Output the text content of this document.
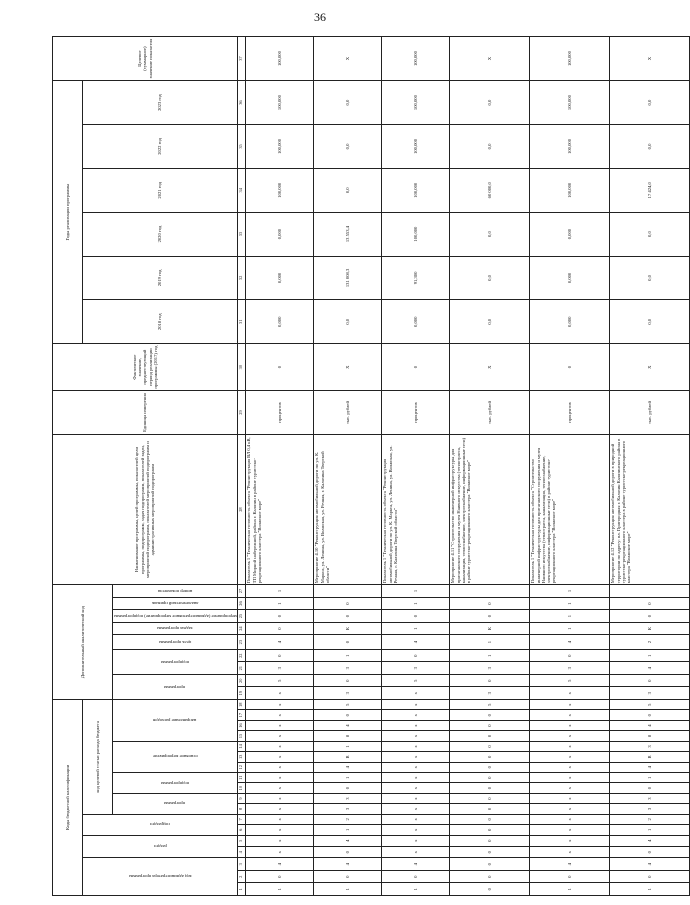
36
Коды бюджетной классификации																		Дополнительный аналитический код									Наименование программы, целей программы, показателей цели программы, подпрограмм, задач подпрограмм, показателей задач, мероприятий подпрограмм, показателей мероприятий подпрограмм и административных мероприятий подпрограмм	Единица измерения	Фактическое значение, предшествующий период реализации программы (2017) год	Годы реализации программы						Целевое (суммарное) значение показателя

код администратора программы			раздел		подраздел		код целевой статьи расхода бюджета																							2018 год	2019 год	2020 год	2021 год	2022 год	2023 год	

							программа		подпрограмма		основное мероприятие			направление расходов				программа		подпрограмма		цель программы	задача программы	мероприятие (административное мероприятие) подпрограммы	аналитический признак	номер показателя										

1	2	3	4	5	6	7	8	9	10	11	12	13	14	15	16	17	18	19	20	21	22	23	24	25	26	27	28	29	30	31	32	33	34	35	36	37
1	0	4	х	х	х	х	х	х	х	х	х	х	х	х	х	х	х	х	5	3	0	4	0	0	1	1	Показатель 1 "Техническая готовность объекта "Реконструкция ВЛ 0,4 кВ, ТП Мирной набережной, района г. Калязин в районе туристско-рекреационного кластера "Волжское море"	процентов	0	0,000	0,000	0,000	100,000	100,000	100,000	100,000
1	0	4	0	4	1	2	3	3	0	1	4	R	1	8	4	0	5	3	0	3	1	0	К	0	0		Мероприятие 4.10 "Реконструкция автомобильной дороги по ул. К. Маркса, ул. Ленина, ул. Волжская, ул. Речная, г. Калязина Тверской области"	тыс. рублей	Х	0,0	131 008,3	13 553,4	0,0	0,0	0,0	Х
1	0	4	х	х	х	х	х	х	х	х	х	х	х	х	х	х	х	х	5	3	0	4	1	0	1	1	Показатель 1 "Техническая готовность объекта "Реконструкция автомобильной дороги по ул. К. Маркса, ул. Ленина, ул. Волжская, ул. Речная, г. Калязина Тверской области"	процентов	0	0,000	91,300	100,000	100,000	100,000	100,000	100,000
0	0	0	0	0	0	0	0	0	0	0	0	0	0	0	0	0	5	3	0	3	1	1	К	0	0		Мероприятие 4.11 "Строительство инженерной инфраструктуры для притаганского сооружения и музея Наивного искусства (теплотрасса, канализация, теплоснабжение, электроснабжение, информационные сети) в районе туристско-рекреационного кластера "Волжское море"	тыс. рублей	Х	0,0	0,0	0,0	60 000,0	0,0	0,0	Х
1	0	4	х	х	х	х	х	х	х	х	х	х	х	х	х	х	х	х	5	3	0	4	1	1	1	1	Показатель 1 "Техническая готовность объекта "Строительство инженерной инфраструктуры для притаганского сооружения и музея Наивного искусства (теплотрасса, канализация, теплоснабжение, электроснабжение, информационные сети) в районе туристско-рекреационного кластера "Волжское море"	процентов	0	0,000	0,000	0,000	100,000	100,000	100,000	100,000
1	0	4	0	4	1	2	3	3	0	1	4	R	3	8	4	0	5	3	0	4	1	2	К	0	0		Мероприятие 4.12 "Реконструкция автомобильной дороги в природной территории по адресу: пл. Пригородная г. Калязин Калязинского района в туристско-рекреационного кластера в районе туристско-рекреационного кластера "Волжское море"	тыс. рублей	Х	0,0	0,0	0,0	17 424,0	0,0	0,0	Х
